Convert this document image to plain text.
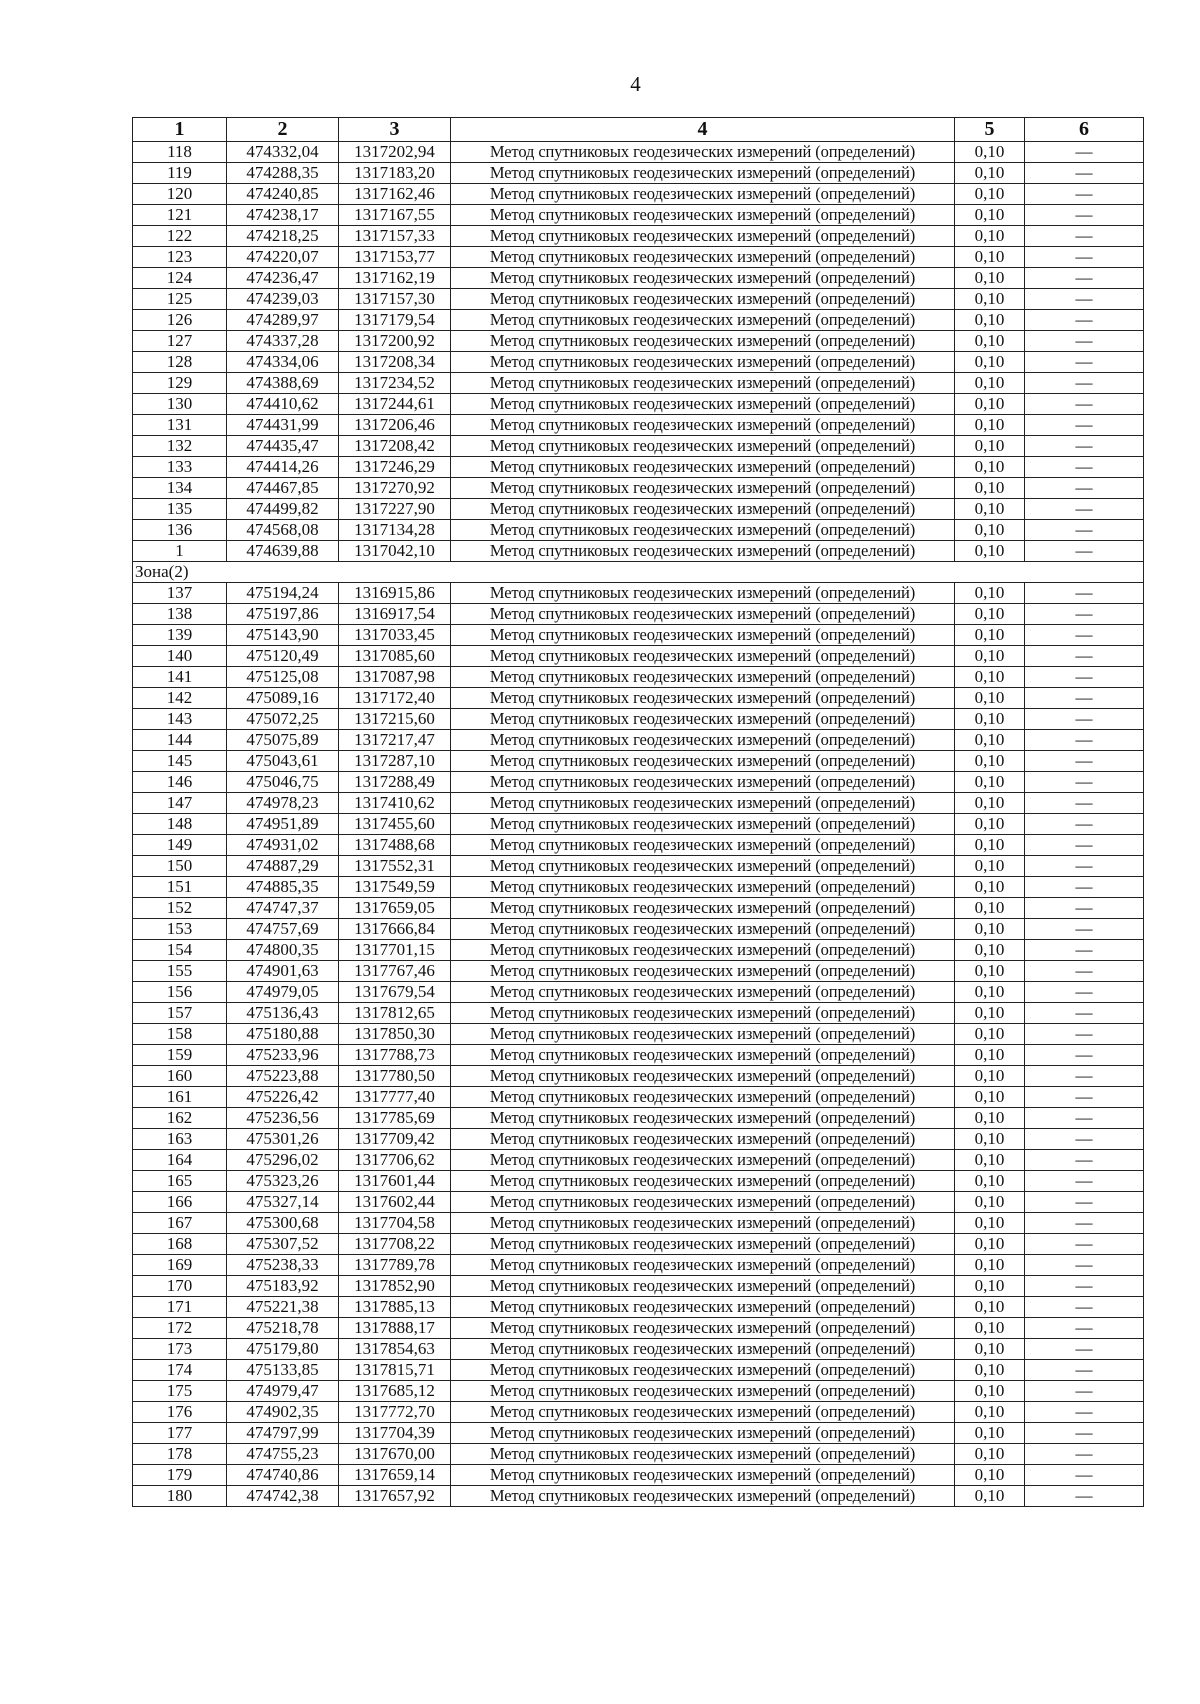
4
1	2	3	4	5	6
118	474332,04	1317202,94	Метод спутниковых геодезических измерений (определений)	0,10	—
119	474288,35	1317183,20	Метод спутниковых геодезических измерений (определений)	0,10	—
120	474240,85	1317162,46	Метод спутниковых геодезических измерений (определений)	0,10	—
121	474238,17	1317167,55	Метод спутниковых геодезических измерений (определений)	0,10	—
122	474218,25	1317157,33	Метод спутниковых геодезических измерений (определений)	0,10	—
123	474220,07	1317153,77	Метод спутниковых геодезических измерений (определений)	0,10	—
124	474236,47	1317162,19	Метод спутниковых геодезических измерений (определений)	0,10	—
125	474239,03	1317157,30	Метод спутниковых геодезических измерений (определений)	0,10	—
126	474289,97	1317179,54	Метод спутниковых геодезических измерений (определений)	0,10	—
127	474337,28	1317200,92	Метод спутниковых геодезических измерений (определений)	0,10	—
128	474334,06	1317208,34	Метод спутниковых геодезических измерений (определений)	0,10	—
129	474388,69	1317234,52	Метод спутниковых геодезических измерений (определений)	0,10	—
130	474410,62	1317244,61	Метод спутниковых геодезических измерений (определений)	0,10	—
131	474431,99	1317206,46	Метод спутниковых геодезических измерений (определений)	0,10	—
132	474435,47	1317208,42	Метод спутниковых геодезических измерений (определений)	0,10	—
133	474414,26	1317246,29	Метод спутниковых геодезических измерений (определений)	0,10	—
134	474467,85	1317270,92	Метод спутниковых геодезических измерений (определений)	0,10	—
135	474499,82	1317227,90	Метод спутниковых геодезических измерений (определений)	0,10	—
136	474568,08	1317134,28	Метод спутниковых геодезических измерений (определений)	0,10	—
1	474639,88	1317042,10	Метод спутниковых геодезических измерений (определений)	0,10	—
Зона(2)					
137	475194,24	1316915,86	Метод спутниковых геодезических измерений (определений)	0,10	—
138	475197,86	1316917,54	Метод спутниковых геодезических измерений (определений)	0,10	—
139	475143,90	1317033,45	Метод спутниковых геодезических измерений (определений)	0,10	—
140	475120,49	1317085,60	Метод спутниковых геодезических измерений (определений)	0,10	—
141	475125,08	1317087,98	Метод спутниковых геодезических измерений (определений)	0,10	—
142	475089,16	1317172,40	Метод спутниковых геодезических измерений (определений)	0,10	—
143	475072,25	1317215,60	Метод спутниковых геодезических измерений (определений)	0,10	—
144	475075,89	1317217,47	Метод спутниковых геодезических измерений (определений)	0,10	—
145	475043,61	1317287,10	Метод спутниковых геодезических измерений (определений)	0,10	—
146	475046,75	1317288,49	Метод спутниковых геодезических измерений (определений)	0,10	—
147	474978,23	1317410,62	Метод спутниковых геодезических измерений (определений)	0,10	—
148	474951,89	1317455,60	Метод спутниковых геодезических измерений (определений)	0,10	—
149	474931,02	1317488,68	Метод спутниковых геодезических измерений (определений)	0,10	—
150	474887,29	1317552,31	Метод спутниковых геодезических измерений (определений)	0,10	—
151	474885,35	1317549,59	Метод спутниковых геодезических измерений (определений)	0,10	—
152	474747,37	1317659,05	Метод спутниковых геодезических измерений (определений)	0,10	—
153	474757,69	1317666,84	Метод спутниковых геодезических измерений (определений)	0,10	—
154	474800,35	1317701,15	Метод спутниковых геодезических измерений (определений)	0,10	—
155	474901,63	1317767,46	Метод спутниковых геодезических измерений (определений)	0,10	—
156	474979,05	1317679,54	Метод спутниковых геодезических измерений (определений)	0,10	—
157	475136,43	1317812,65	Метод спутниковых геодезических измерений (определений)	0,10	—
158	475180,88	1317850,30	Метод спутниковых геодезических измерений (определений)	0,10	—
159	475233,96	1317788,73	Метод спутниковых геодезических измерений (определений)	0,10	—
160	475223,88	1317780,50	Метод спутниковых геодезических измерений (определений)	0,10	—
161	475226,42	1317777,40	Метод спутниковых геодезических измерений (определений)	0,10	—
162	475236,56	1317785,69	Метод спутниковых геодезических измерений (определений)	0,10	—
163	475301,26	1317709,42	Метод спутниковых геодезических измерений (определений)	0,10	—
164	475296,02	1317706,62	Метод спутниковых геодезических измерений (определений)	0,10	—
165	475323,26	1317601,44	Метод спутниковых геодезических измерений (определений)	0,10	—
166	475327,14	1317602,44	Метод спутниковых геодезических измерений (определений)	0,10	—
167	475300,68	1317704,58	Метод спутниковых геодезических измерений (определений)	0,10	—
168	475307,52	1317708,22	Метод спутниковых геодезических измерений (определений)	0,10	—
169	475238,33	1317789,78	Метод спутниковых геодезических измерений (определений)	0,10	—
170	475183,92	1317852,90	Метод спутниковых геодезических измерений (определений)	0,10	—
171	475221,38	1317885,13	Метод спутниковых геодезических измерений (определений)	0,10	—
172	475218,78	1317888,17	Метод спутниковых геодезических измерений (определений)	0,10	—
173	475179,80	1317854,63	Метод спутниковых геодезических измерений (определений)	0,10	—
174	475133,85	1317815,71	Метод спутниковых геодезических измерений (определений)	0,10	—
175	474979,47	1317685,12	Метод спутниковых геодезических измерений (определений)	0,10	—
176	474902,35	1317772,70	Метод спутниковых геодезических измерений (определений)	0,10	—
177	474797,99	1317704,39	Метод спутниковых геодезических измерений (определений)	0,10	—
178	474755,23	1317670,00	Метод спутниковых геодезических измерений (определений)	0,10	—
179	474740,86	1317659,14	Метод спутниковых геодезических измерений (определений)	0,10	—
180	474742,38	1317657,92	Метод спутниковых геодезических измерений (определений)	0,10	—
